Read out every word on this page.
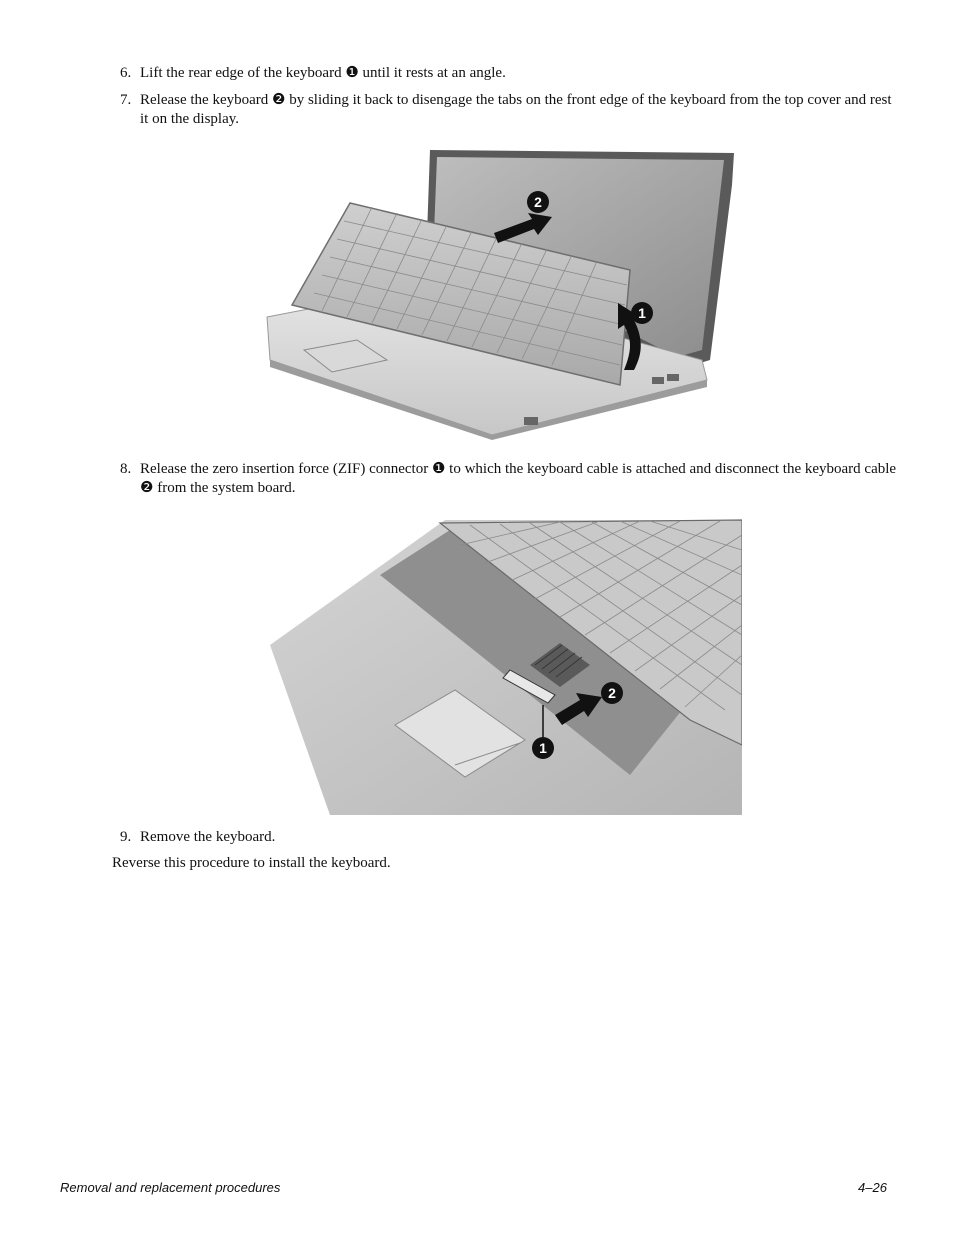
6. Lift the rear edge of the keyboard ❶ until it rests at an angle.
7. Release the keyboard ❷ by sliding it back to disengage the tabs on the front edge of the keyboard from the top cover and rest it on the display.
2
1
8. Release the zero insertion force (ZIF) connector ❶ to which the keyboard cable is attached and disconnect the keyboard cable ❷ from the system board.
2
1
9. Remove the keyboard.
Reverse this procedure to install the keyboard.
Removal and replacement procedures	4–26
